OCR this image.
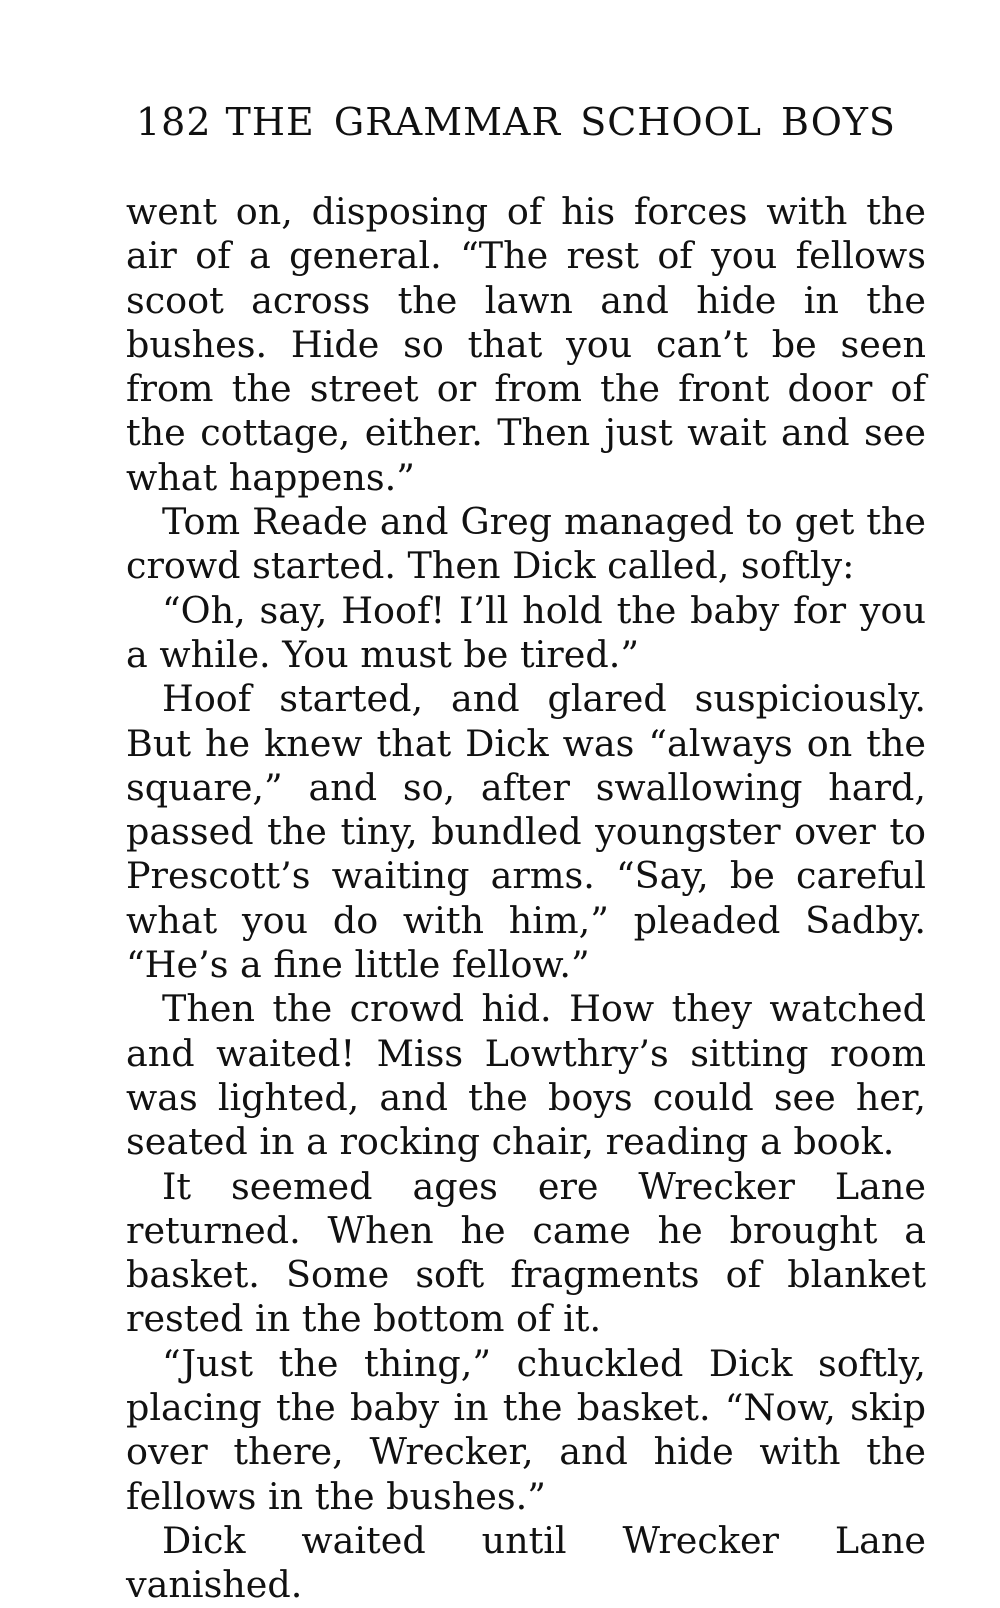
182 THE GRAMMAR SCHOOL BOYS

went on, disposing of his forces with the air of a general. “The rest of you fellows scoot across the lawn and hide in the bushes. Hide so that you can’t be seen from the street or from the front door of the cottage, either. Then just wait and see what happens.”

Tom Reade and Greg managed to get the crowd started. Then Dick called, softly:

“Oh, say, Hoof! I’ll hold the baby for you a while. You must be tired.”

Hoof started, and glared suspiciously. But he knew that Dick was “always on the square,” and so, after swallowing hard, passed the tiny, bundled youngster over to Prescott’s waiting arms. “Say, be careful what you do with him,” pleaded Sadby. “He’s a fine little fellow.”

Then the crowd hid. How they watched and waited! Miss Lowthry’s sitting room was lighted, and the boys could see her, seated in a rocking chair, reading a book.

It seemed ages ere Wrecker Lane returned. When he came he brought a basket. Some soft fragments of blanket rested in the bottom of it.

“Just the thing,” chuckled Dick softly, placing the baby in the basket. “Now, skip over there, Wrecker, and hide with the fellows in the bushes.”

Dick waited until Wrecker Lane vanished.
